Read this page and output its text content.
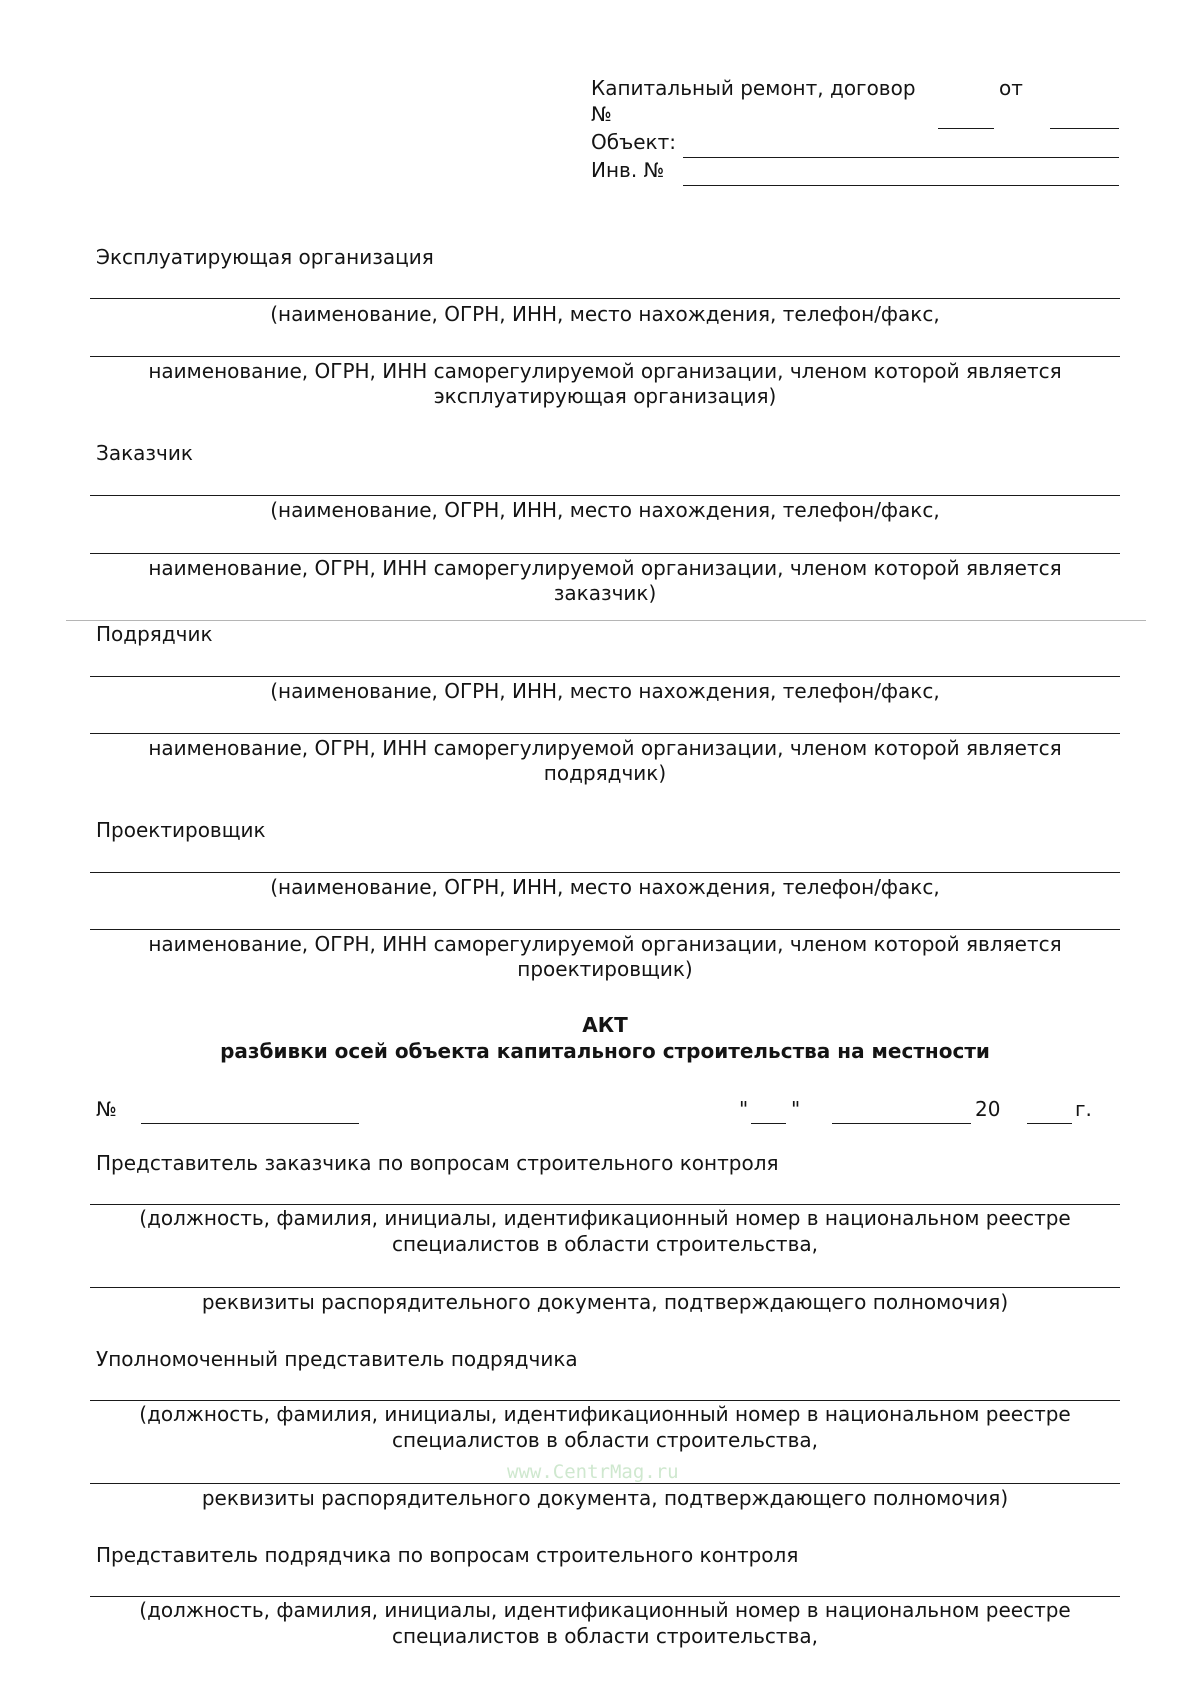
Капитальный ремонт, договор	от
№
Объект:
Инв. №
Эксплуатирующая организация
(наименование, ОГРН, ИНН, место нахождения, телефон/факс,
наименование, ОГРН, ИНН саморегулируемой организации, членом которой является
эксплуатирующая организация)
Заказчик
(наименование, ОГРН, ИНН, место нахождения, телефон/факс,
наименование, ОГРН, ИНН саморегулируемой организации, членом которой является
заказчик)
Подрядчик
(наименование, ОГРН, ИНН, место нахождения, телефон/факс,
наименование, ОГРН, ИНН саморегулируемой организации, членом которой является
подрядчик)
Проектировщик
(наименование, ОГРН, ИНН, место нахождения, телефон/факс,
наименование, ОГРН, ИНН саморегулируемой организации, членом которой является
проектировщик)
АКТ
разбивки осей объекта капитального строительства на местности
№	" "	20	г.
Представитель заказчика по вопросам строительного контроля
(должность, фамилия, инициалы, идентификационный номер в национальном реестре
специалистов в области строительства,
реквизиты распорядительного документа, подтверждающего полномочия)
Уполномоченный представитель подрядчика
(должность, фамилия, инициалы, идентификационный номер в национальном реестре
специалистов в области строительства,
реквизиты распорядительного документа, подтверждающего полномочия)
Представитель подрядчика по вопросам строительного контроля
(должность, фамилия, инициалы, идентификационный номер в национальном реестре
специалистов в области строительства,
www.CentrMag.ru
